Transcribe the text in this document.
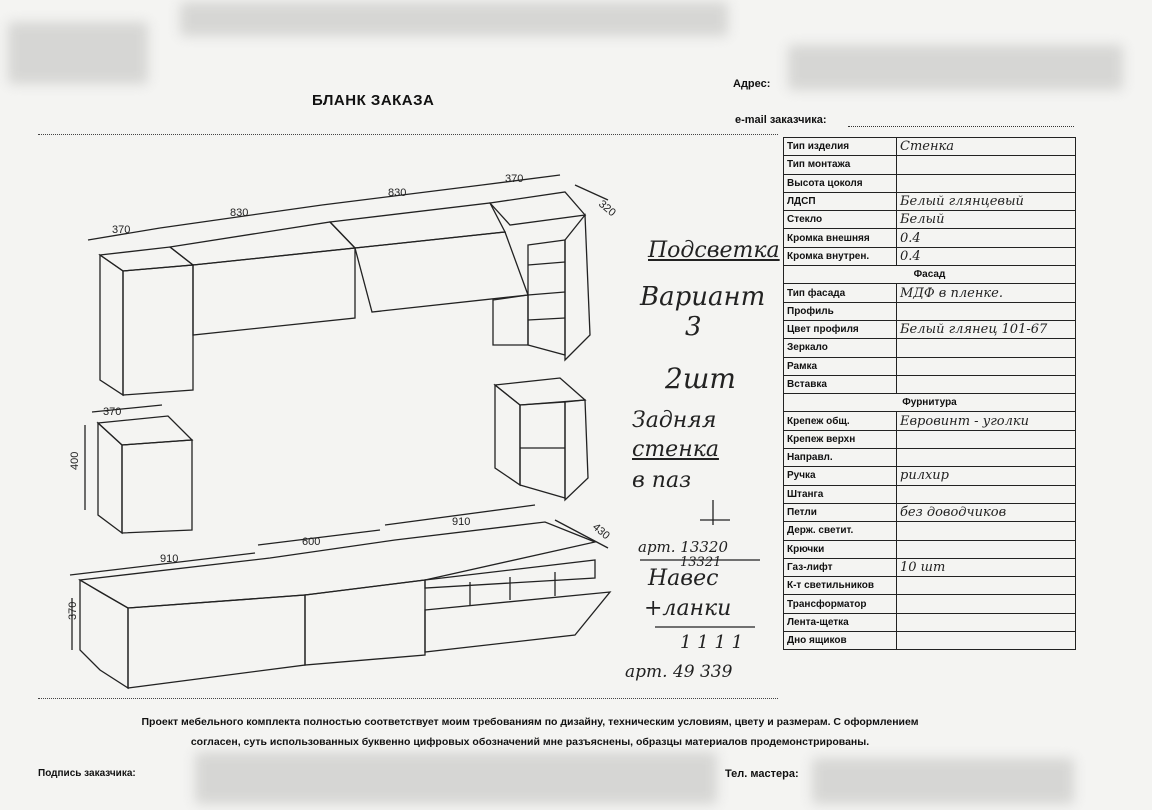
БЛАНК ЗАКАЗА
Адрес:
e-mail заказчика:
370
830
830
370
320
370
400
910
600
910	430
370
Подсветка
Вариант
3
2шт
Задняя
стенка
в паз
арт. 13320
13321
Навес
+ланки
1 1 1 1
арт. 49 339
Тип изделия	Стенка
Тип монтажа	
Высота цоколя	
ЛДСП	Белый глянцевый
Стекло	Белый
Кромка внешняя	0.4
Кромка внутрен.	0.4
Фасад	
Тип фасада	МДФ в пленке.
Профиль	
Цвет профиля	Белый глянец 101-67
Зеркало	
Рамка	
Вставка	
Фурнитура	
Крепеж общ.	Евровинт - уголки
Крепеж верхн	
Направл.	
Ручка	рилхир
Штанга	
Петли	без доводчиков
Держ. светит.	
Крючки	
Газ-лифт	10 шт
К-т светильников	
Трансформатор	
Лента-щетка	
Дно ящиков	
Проект мебельного комплекта полностью соответствует моим требованиям по дизайну, техническим условиям, цвету и размерам. С оформлением
согласен, суть использованных буквенно цифровых обозначений мне разъяснены, образцы материалов продемонстрированы.
Подпись заказчика:	Тел. мастера:
